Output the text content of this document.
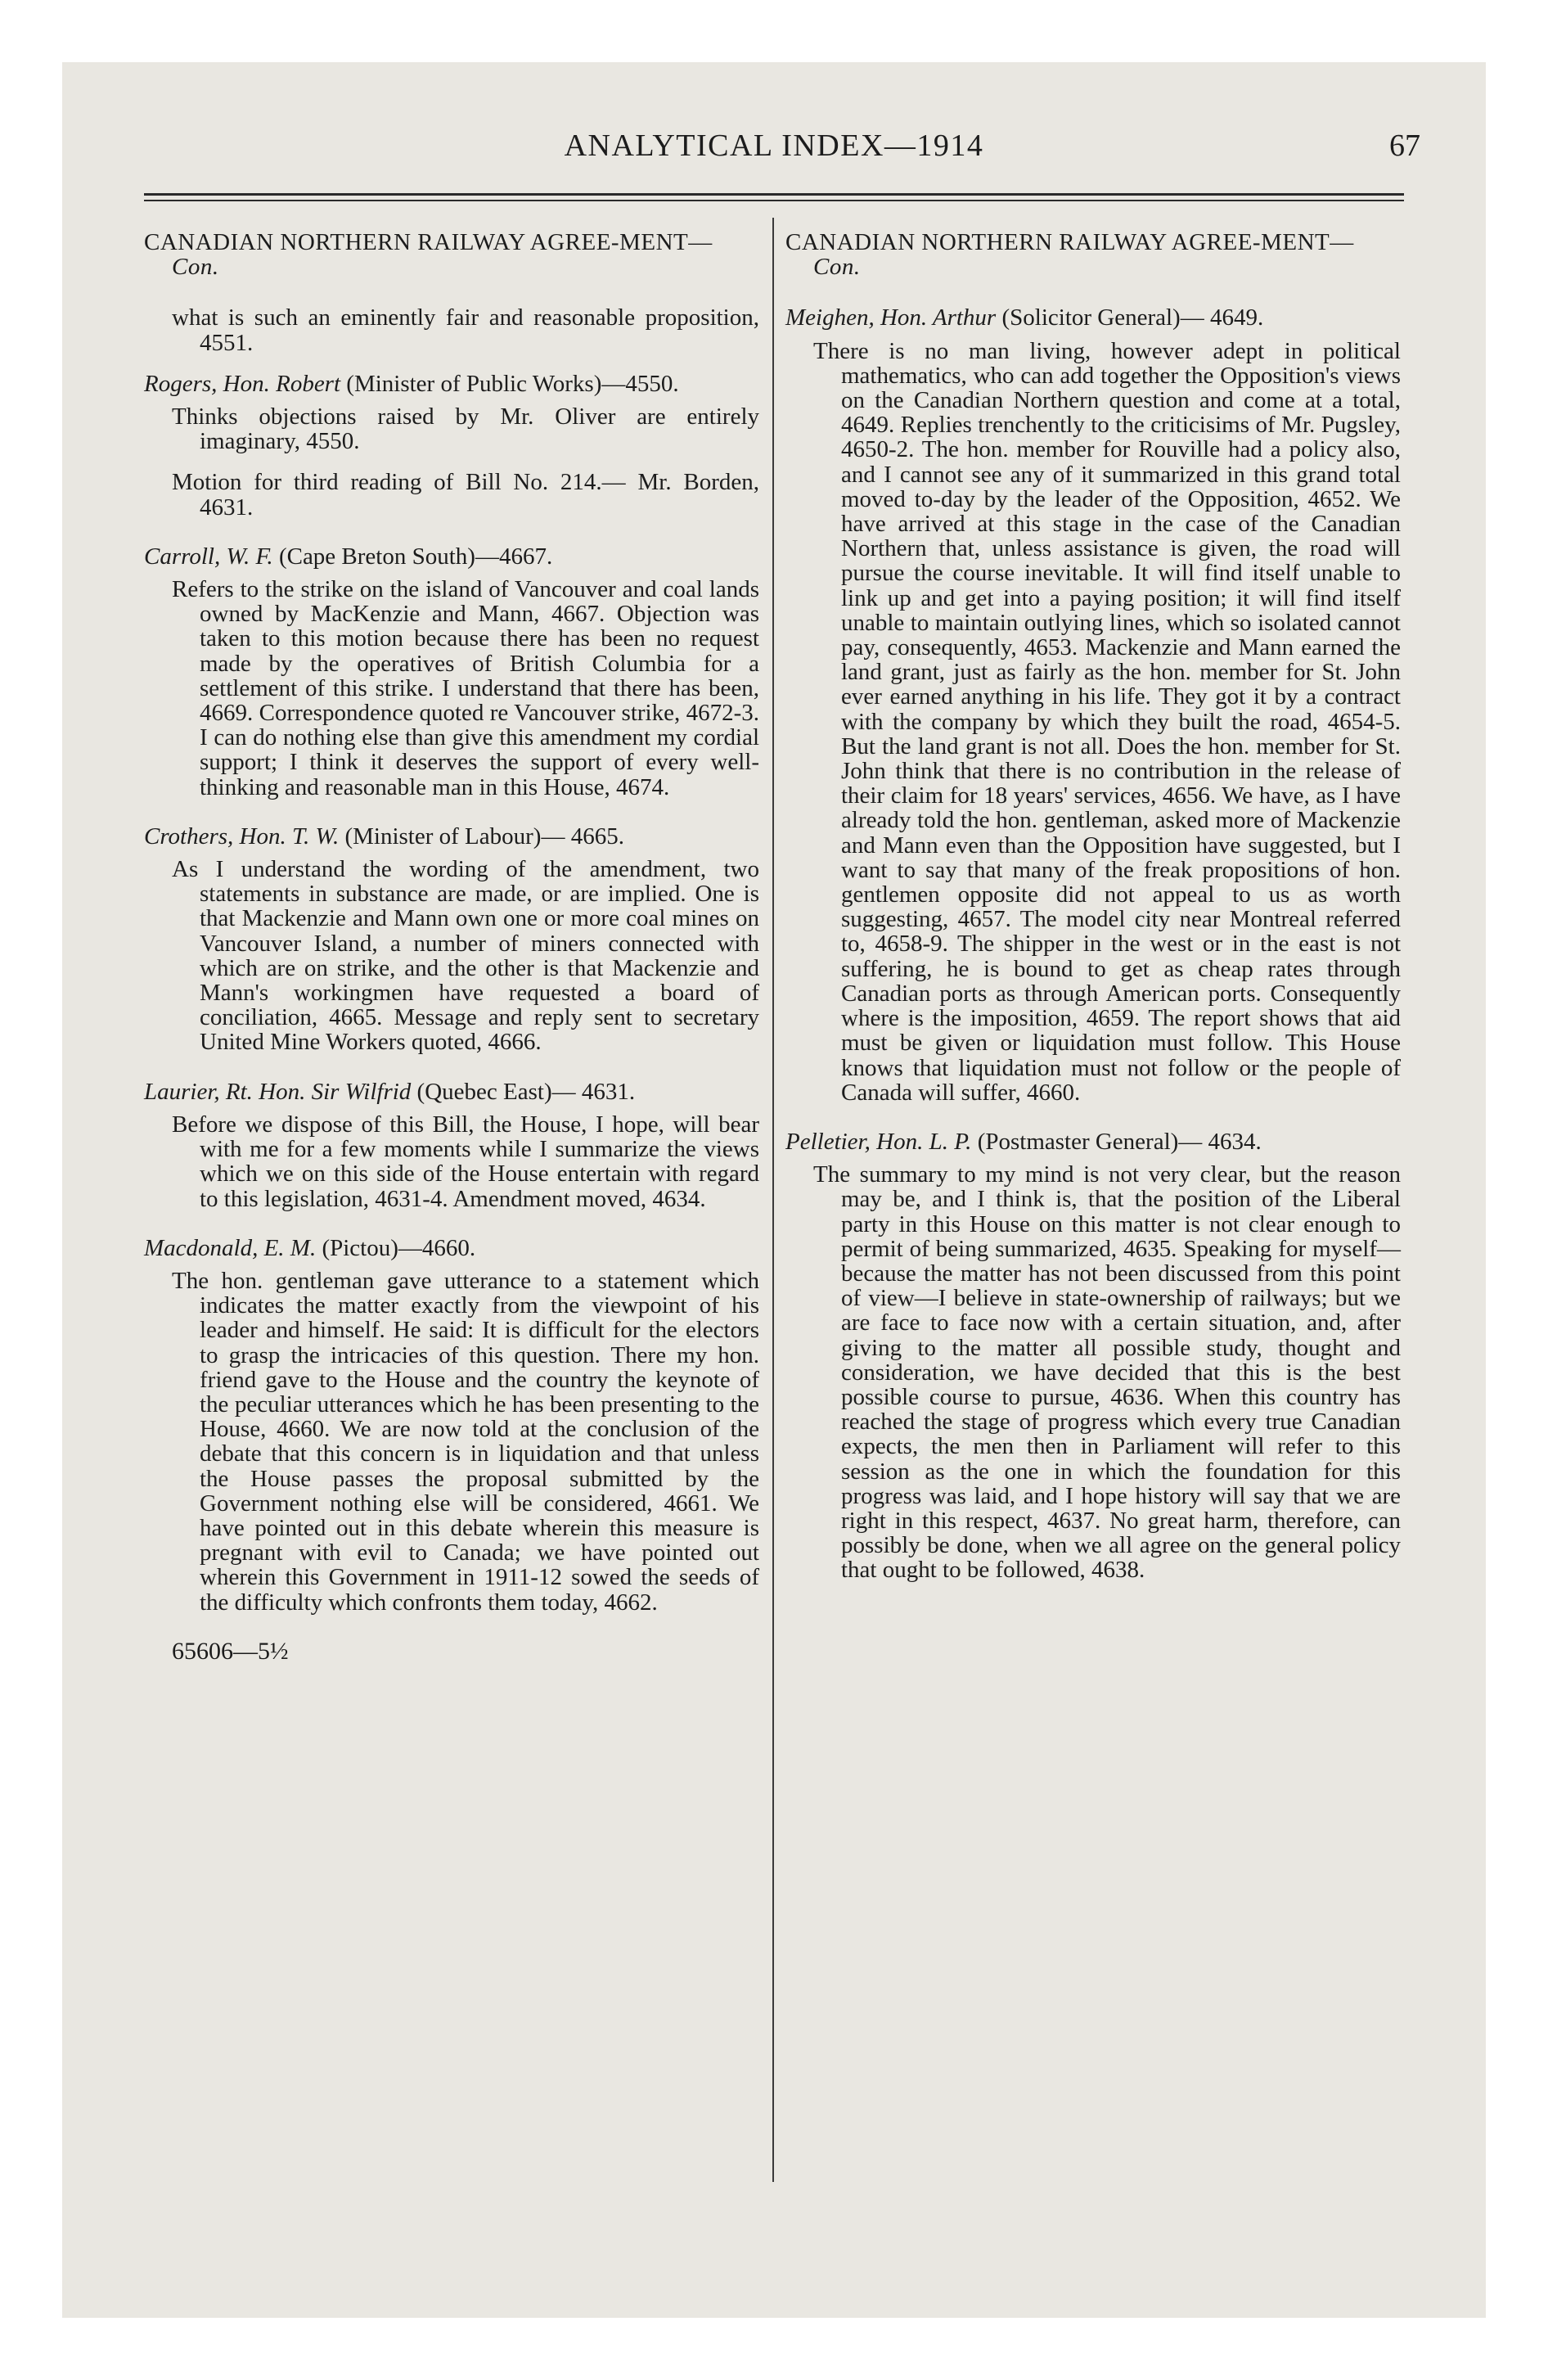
ANALYTICAL INDEX—1914	67
CANADIAN NORTHERN RAILWAY AGREE-MENT—Con.
what is such an eminently fair and reasonable proposition, 4551.
Rogers, Hon. Robert (Minister of Public Works)—4550.
Thinks objections raised by Mr. Oliver are entirely imaginary, 4550.
Motion for third reading of Bill No. 214.— Mr. Borden, 4631.
Carroll, W. F. (Cape Breton South)—4667.
Refers to the strike on the island of Vancouver and coal lands owned by MacKenzie and Mann, 4667. Objection was taken to this motion because there has been no request made by the operatives of British Columbia for a settlement of this strike. I understand that there has been, 4669. Correspondence quoted re Vancouver strike, 4672-3. I can do nothing else than give this amendment my cordial support; I think it deserves the support of every well-thinking and reasonable man in this House, 4674.
Crothers, Hon. T. W. (Minister of Labour)— 4665.
As I understand the wording of the amendment, two statements in substance are made, or are implied. One is that Mackenzie and Mann own one or more coal mines on Vancouver Island, a number of miners connected with which are on strike, and the other is that Mackenzie and Mann's workingmen have requested a board of conciliation, 4665. Message and reply sent to secretary United Mine Workers quoted, 4666.
Laurier, Rt. Hon. Sir Wilfrid (Quebec East)— 4631.
Before we dispose of this Bill, the House, I hope, will bear with me for a few moments while I summarize the views which we on this side of the House entertain with regard to this legislation, 4631-4. Amendment moved, 4634.
Macdonald, E. M. (Pictou)—4660.
The hon. gentleman gave utterance to a statement which indicates the matter exactly from the viewpoint of his leader and himself. He said: It is difficult for the electors to grasp the intricacies of this question. There my hon. friend gave to the House and the country the keynote of the peculiar utterances which he has been presenting to the House, 4660. We are now told at the conclusion of the debate that this concern is in liquidation and that unless the House passes the proposal submitted by the Government nothing else will be considered, 4661. We have pointed out in this debate wherein this measure is pregnant with evil to Canada; we have pointed out wherein this Government in 1911-12 sowed the seeds of the difficulty which confronts them today, 4662.
65606—5½
CANADIAN NORTHERN RAILWAY AGREE-MENT—Con.
Meighen, Hon. Arthur (Solicitor General)— 4649.
There is no man living, however adept in political mathematics, who can add together the Opposition's views on the Canadian Northern question and come at a total, 4649. Replies trenchently to the criticisims of Mr. Pugsley, 4650-2. The hon. member for Rouville had a policy also, and I cannot see any of it summarized in this grand total moved to-day by the leader of the Opposition, 4652. We have arrived at this stage in the case of the Canadian Northern that, unless assistance is given, the road will pursue the course inevitable. It will find itself unable to link up and get into a paying position; it will find itself unable to maintain outlying lines, which so isolated cannot pay, consequently, 4653. Mackenzie and Mann earned the land grant, just as fairly as the hon. member for St. John ever earned anything in his life. They got it by a contract with the company by which they built the road, 4654-5. But the land grant is not all. Does the hon. member for St. John think that there is no contribution in the release of their claim for 18 years' services, 4656. We have, as I have already told the hon. gentleman, asked more of Mackenzie and Mann even than the Opposition have suggested, but I want to say that many of the freak propositions of hon. gentlemen opposite did not appeal to us as worth suggesting, 4657. The model city near Montreal referred to, 4658-9. The shipper in the west or in the east is not suffering, he is bound to get as cheap rates through Canadian ports as through American ports. Consequently where is the imposition, 4659. The report shows that aid must be given or liquidation must follow. This House knows that liquidation must not follow or the people of Canada will suffer, 4660.
Pelletier, Hon. L. P. (Postmaster General)— 4634.
The summary to my mind is not very clear, but the reason may be, and I think is, that the position of the Liberal party in this House on this matter is not clear enough to permit of being summarized, 4635. Speaking for myself—because the matter has not been discussed from this point of view—I believe in state-ownership of railways; but we are face to face now with a certain situation, and, after giving to the matter all possible study, thought and consideration, we have decided that this is the best possible course to pursue, 4636. When this country has reached the stage of progress which every true Canadian expects, the men then in Parliament will refer to this session as the one in which the foundation for this progress was laid, and I hope history will say that we are right in this respect, 4637. No great harm, therefore, can possibly be done, when we all agree on the general policy that ought to be followed, 4638.
